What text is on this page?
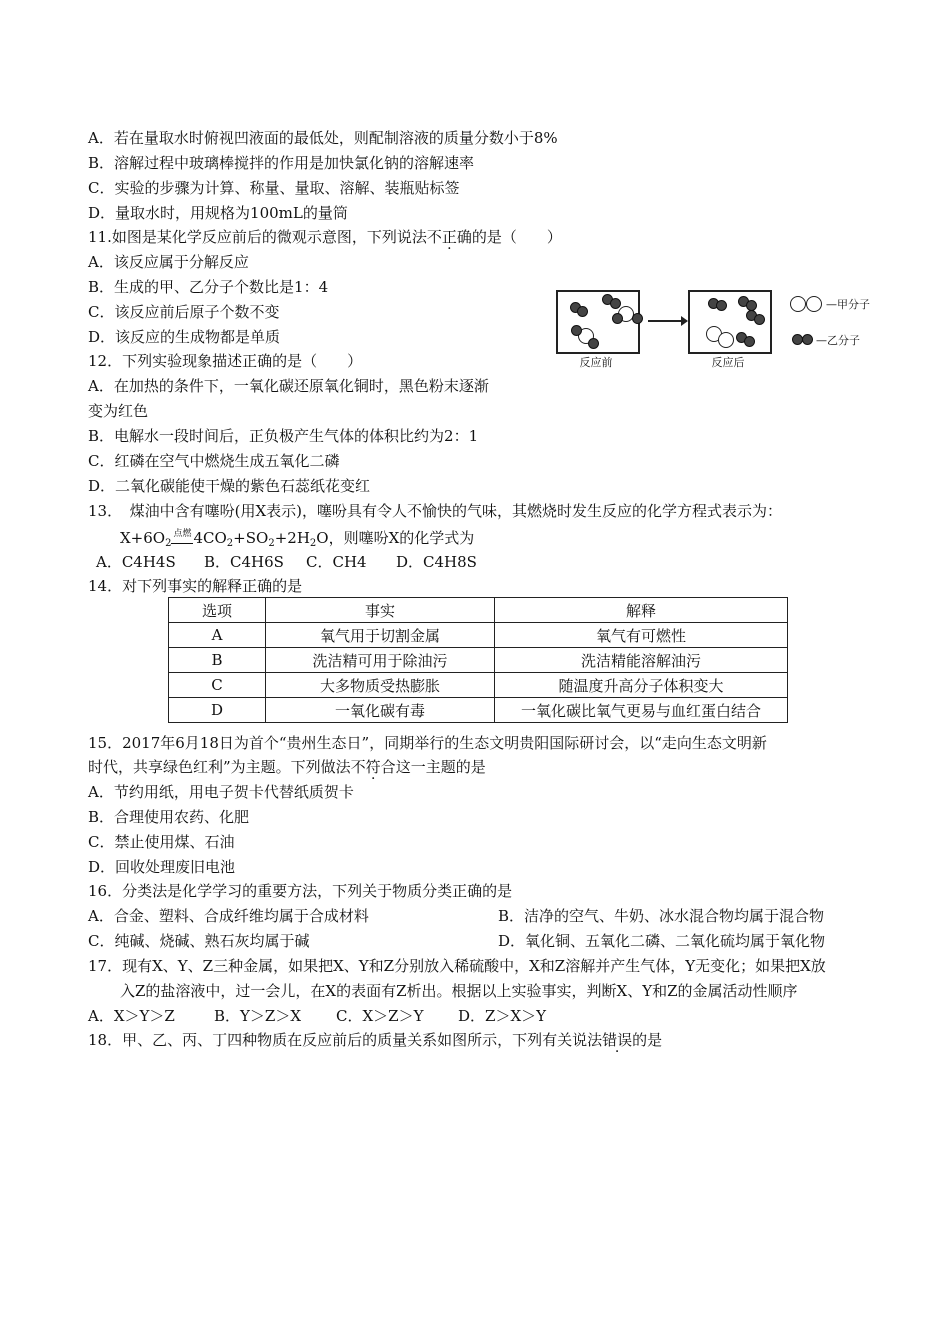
A．若在量取水时俯视凹液面的最低处，则配制溶液的质量分数小于8%
B．溶解过程中玻璃棒搅拌的作用是加快氯化钠的溶解速率
C．实验的步骤为计算、称量、量取、溶解、装瓶贴标签
D．量取水时，用规格为100mL的量筒
11.如图是某化学反应前后的微观示意图，下列说法不正确的是（　　）
A．该反应属于分解反应
B．生成的甲、乙分子个数比是1：4
C．该反应前后原子个数不变
D．该反应的生成物都是单质
反应前	反应后
—甲分子
—乙分子
12．下列实验现象描述正确的是（　　）
A．在加热的条件下，一氧化碳还原氧化铜时，黑色粉末逐渐
变为红色
B．电解水一段时间后，正负极产生气体的体积比约为2：1
C．红磷在空气中燃烧生成五氧化二磷
D．二氧化碳能使干燥的紫色石蕊纸花变红
13．　煤油中含有噻吩(用X表示)，噻吩具有令人不愉快的气味，其燃烧时发生反应的化学方程式表示为：
$X+6O_2$点燃 $4CO_2+SO_2+2H_2O$，则噻吩X的化学式为
A．C4H4S B．C4H6S C．CH4 D．C4H8S
14．对下列事实的解释正确的是
选项	事实	解释
A	氧气用于切割金属	氧气有可燃性
B	洗洁精可用于除油污	洗洁精能溶解油污
C	大多物质受热膨胀	随温度升高分子体积变大
D	一氧化碳有毒	一氧化碳比氧气更易与血红蛋白结合
15．2017年6月18日为首个“贵州生态日”，同期举行的生态文明贵阳国际研讨会，以“走向生态文明新
时代，共享绿色红利”为主题。下列做法不符合这一主题的是
A．节约用纸，用电子贺卡代替纸质贺卡
B．合理使用农药、化肥
C．禁止使用煤、石油
D．回收处理废旧电池
16．分类法是化学学习的重要方法，下列关于物质分类正确的是
A．合金、塑料、合成纤维均属于合成材料	B．洁净的空气、牛奶、冰水混合物均属于混合物
C．纯碱、烧碱、熟石灰均属于碱	D．氧化铜、五氧化二磷、二氧化硫均属于氧化物
17．现有X、Y、Z三种金属，如果把X、Y和Z分别放入稀硫酸中，X和Z溶解并产生气体，Y无变化；如果把X放
入Z的盐溶液中，过一会儿，在X的表面有Z析出。根据以上实验事实，判断X、Y和Z的金属活动性顺序
A．X＞Y＞Z	B．Y＞Z＞X C．X＞Z＞Y D．Z＞X＞Y
18．甲、乙、丙、丁四种物质在反应前后的质量关系如图所示，下列有关说法错误的是
